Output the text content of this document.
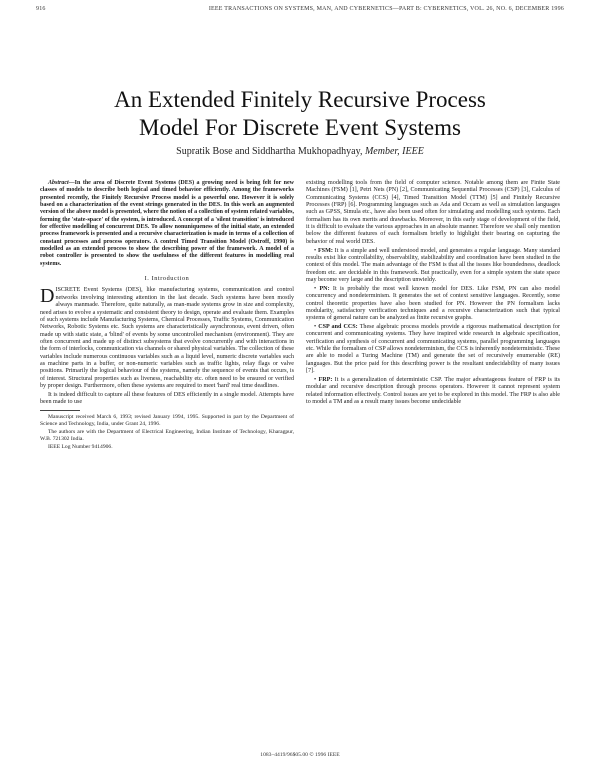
916	IEEE TRANSACTIONS ON SYSTEMS, MAN, AND CYBERNETICS—PART B: CYBERNETICS, VOL. 26, NO. 6, DECEMBER 1996
An Extended Finitely Recursive Process
Model For Discrete Event Systems
Supratik Bose and Siddhartha Mukhopadhyay, Member, IEEE

Abstract—In the area of Discrete Event Systems (DES) a growing need is being felt for new classes of models to describe both logical and timed behavior efficiently. Among the frameworks presented recently, the Finitely Recursive Process model is a powerful one. However it is solely based on a characterization of the event strings generated in the DES. In this work an augmented version of the above model is presented, where the notion of a collection of system related variables, forming the 'state-space' of the system, is introduced. A concept of a 'silent transition' is introduced for effective modelling of concurrent DES. To allow nonuniqueness of the initial state, an extended process framework is presented and a recursive characterization is made in terms of a collection of constant processes and process operators. A control Timed Transition Model (Ostroff, 1990) is modelled as an extended process to show the describing power of the framework. A model of a robot controller is presented to show the usefulness of the different features in modelling real systems.

I. Introduction

DISCRETE Event Systems (DES), like manufacturing systems, communication and control networks involving interesting attention in the last decade. Such systems have been mostly always manmade. Therefore, quite naturally, as man-made systems grow in size and complexity, need arises to evolve a systematic and consistent theory to design, operate and evaluate them. Examples of such systems include Manufacturing Systems, Chemical Processes, Traffic Systems, Communication Networks, Robotic Systems etc. Such systems are characteristically asynchronous, event driven, often made up with static state, a 'blind' of events by some uncontrolled mechanism (environment). They are often concurrent and made up of distinct subsystems that evolve concurrently and with interactions in the form of interlocks, communication via channels or shared physical variables. The collection of these variables include numerous continuous variables such as a liquid level, numeric discrete variables such as machine parts in a buffer, or non-numeric variables such as traffic lights, relay flags or valve positions. Primarily the logical behaviour of the systems, namely the sequence of events that occurs, is of interest. Structural properties such as liveness, reachability etc. often need to be ensured or verified by proper design. Furthermore, often these systems are required to meet 'hard' real time deadlines.

It is indeed difficult to capture all these features of DES efficiently in a single model. Attempts have been made to use

Manuscript received March 6, 1993; revised January 1994, 1995. Supported in part by the Department of Science and Technology, India, under Grant 24, 1996.

The authors are with the Department of Electrical Engineering, Indian Institute of Technology, Kharagpur, W.B. 721302 India.

IEEE Log Number 9414906.

existing modelling tools from the field of computer science. Notable among them are Finite State Machines (FSM) [1], Petri Nets (PN) [2], Communicating Sequential Processes (CSP) [3], Calculus of Communicating Systems (CCS) [4], Timed Transition Model (TTM) [5] and Finitely Recursive Processes (FRP) [6]. Programming languages such as Ada and Occam as well as simulation languages such as GPSS, Simula etc., have also been used often for simulating and modelling such systems. Each formalism has its own merits and drawbacks. Moreover, in this early stage of development of the field, it is difficult to evaluate the various approaches in an absolute manner. Therefore we shall only mention below the different features of each formalism briefly to highlight their bearing on capturing the behavior of real world DES.

• FSM: It is a simple and well understood model, and generates a regular language. Many standard results exist like controllability, observability, stabilizability and coordination have been studied in the context of this model. The main advantage of the FSM is that all the issues like boundedness, deadlock freedom etc. are decidable in this framework. But practically, even for a simple system the state space may become very large and the description unwieldy.

• PN: It is probably the most well known model for DES. Like FSM, PN can also model concurrency and nondeterminism. It generates the set of context sensitive languages. Recently, some control theoretic properties have also been studied for PN. However the PN formalism lacks modularity, satisfactory verification techniques and a recursive characterization such that typical systems of general nature can be analyzed as finite recursive graphs.

• CSP and CCS: These algebraic process models provide a rigorous mathematical description for concurrent and communicating systems. They have inspired wide research in algebraic specification, verification and synthesis of concurrent and communicating systems, parallel programming languages etc. While the formalism of CSP allows nondeterminism, the CCS is inherently nondeterministic. These are able to model a Turing Machine (TM) and generate the set of recursively enumerable (RE) languages. But the price paid for this describing power is the resultant undecidability of many issues [7].

• FRP: It is a generalization of deterministic CSP. The major advantageous feature of FRP is its modular and recursive description through process operators. However it cannot represent system related information effectively. Control issues are yet to be explored in this model. The FRP is also able to model a TM and as a result many issues become undecidable

1083–4419/96$05.00 © 1996 IEEE
